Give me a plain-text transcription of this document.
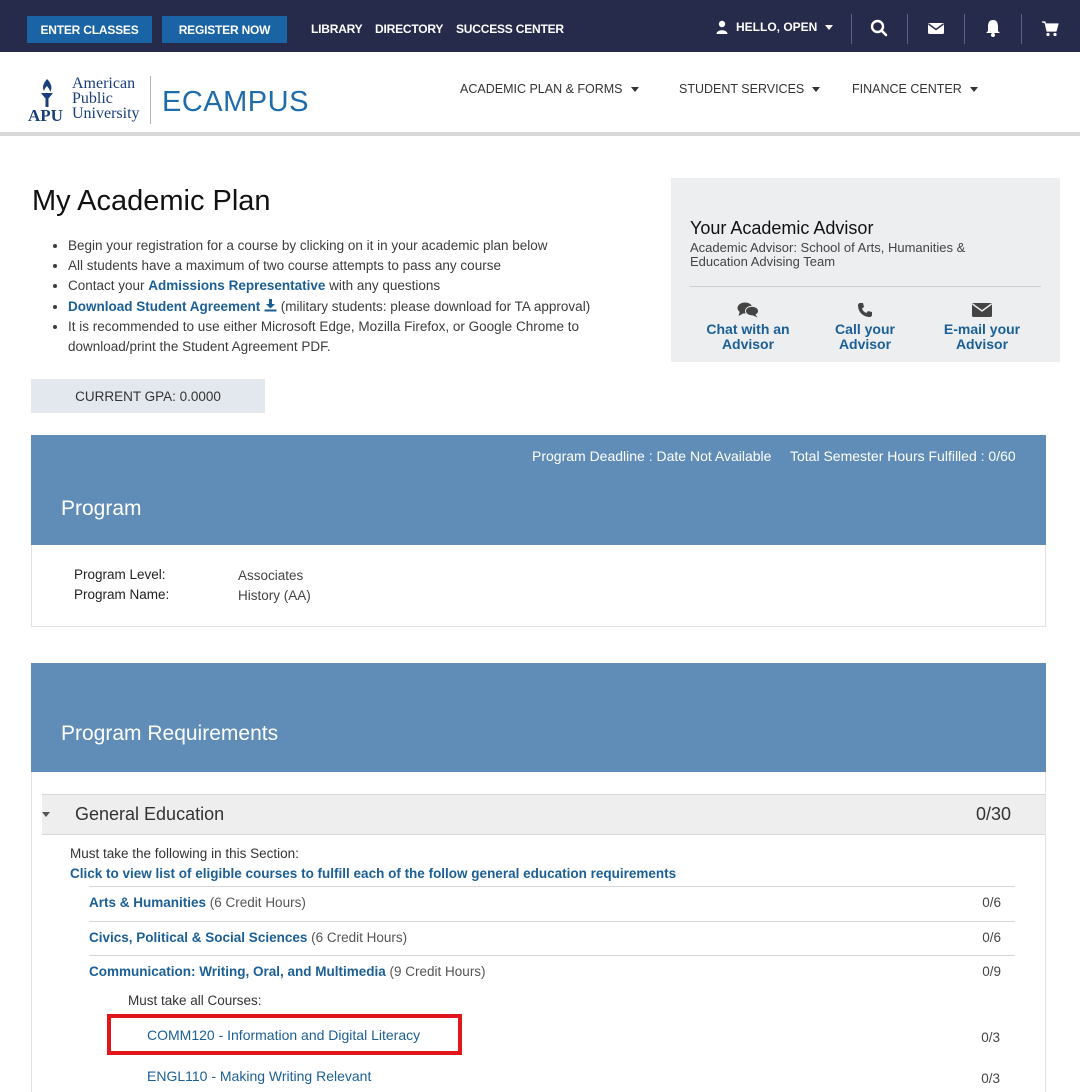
ENTER CLASSES	REGISTER NOW	LIBRARY DIRECTORY SUCCESS CENTER	HELLO, OPEN
APU
American
Public
University ECAMPUS	ACADEMIC PLAN & FORMS	STUDENT SERVICES	FINANCE CENTER
My Academic Plan
• Begin your registration for a course by clicking on it in your academic plan below
• All students have a maximum of two course attempts to pass any course
• Contact your Admissions Representative with any questions
• Download Student Agreement  (military students: please download for TA approval)
• It is recommended to use either Microsoft Edge, Mozilla Firefox, or Google Chrome to download/print the Student Agreement PDF.
CURRENT GPA: 0.0000
Your Academic Advisor
Academic Advisor: School of Arts, Humanities & Education Advising Team
Chat with an
Advisor
Call your
Advisor
E-mail your
Advisor
Program Deadline : Date Not Available Total Semester Hours Fulfilled : 0/60
Program
Program Level:	Associates
Program Name:	History (AA)
Program Requirements
General Education	0/30
Must take the following in this Section:
Click to view list of eligible courses to fulfill each of the follow general education requirements
Arts & Humanities (6 Credit Hours)	0/6
Civics, Political & Social Sciences (6 Credit Hours)	0/6
Communication: Writing, Oral, and Multimedia (9 Credit Hours)	0/9
Must take all Courses:
COMM120 - Information and Digital Literacy	0/3
ENGL110 - Making Writing Relevant	0/3
